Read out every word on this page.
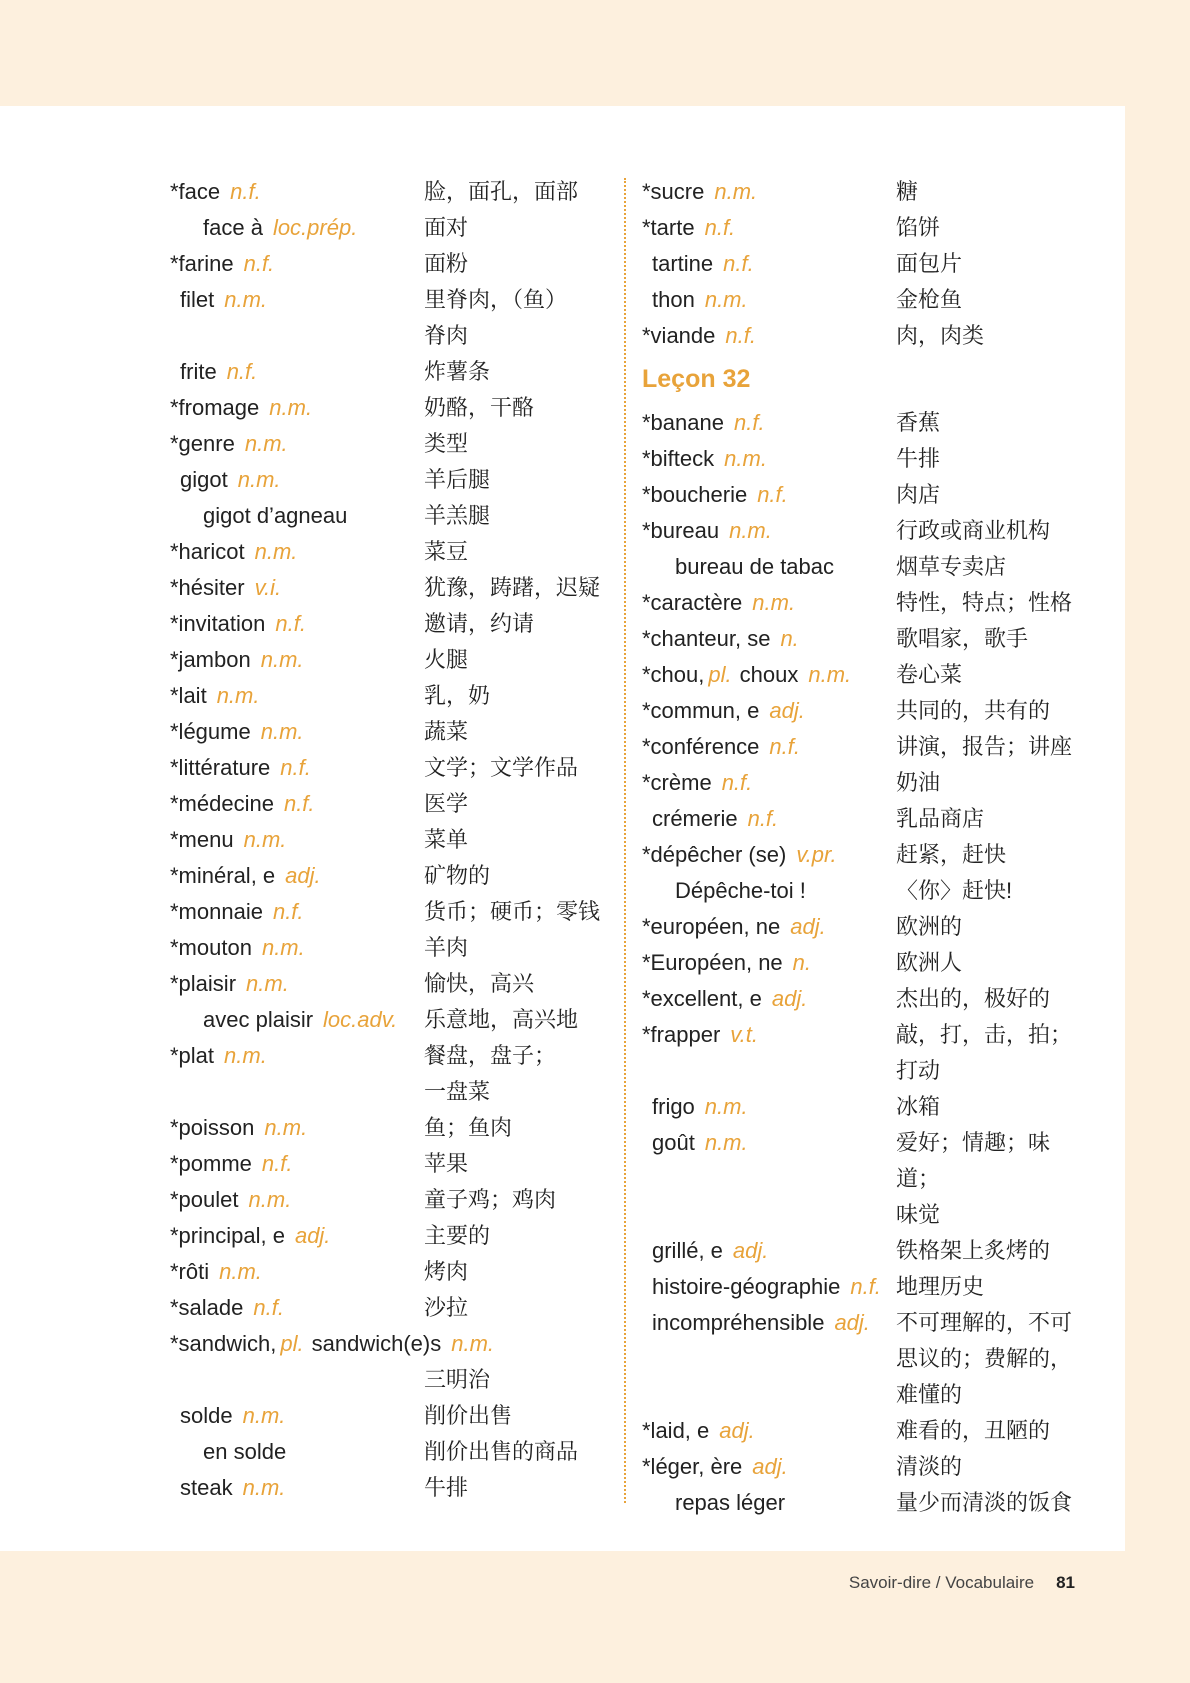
*face n.f.	脸，面孔，面部
face à loc.prép.	面对
*farine n.f.	面粉
filet n.m.	里脊肉，（鱼）
脊肉
frite n.f.	炸薯条
*fromage n.m.	奶酪，干酪
*genre n.m.	类型
gigot n.m.	羊后腿
gigot d’agneau	羊羔腿
*haricot n.m.	菜豆
*hésiter v.i.	犹豫，踌躇，迟疑
*invitation n.f.	邀请，约请
*jambon n.m.	火腿
*lait n.m.	乳，奶
*légume n.m.	蔬菜
*littérature n.f.	文学；文学作品
*médecine n.f.	医学
*menu n.m.	菜单
*minéral, e adj.	矿物的
*monnaie n.f.	货币；硬币；零钱
*mouton n.m.	羊肉
*plaisir n.m.	愉快，高兴
avec plaisir loc.adv. 乐意地，高兴地
*plat n.m.	餐盘，盘子；
一盘菜
*poisson n.m.	鱼；鱼肉
*pomme n.f.	苹果
*poulet n.m.	童子鸡；鸡肉
*principal, e adj.	主要的
*rôti n.m.	烤肉
*salade n.f.	沙拉
*sandwich, pl. sandwich(e)s n.m.

三明治
solde n.m.	削价出售
en solde	削价出售的商品
steak n.m.	牛排
*sucre n.m.	糖
*tarte n.f.	馅饼
tartine n.f.	面包片
thon n.m.	金枪鱼
*viande n.f.	肉，肉类
Leçon 32
*banane n.f.	香蕉
*bifteck n.m.	牛排
*boucherie n.f.	肉店
*bureau n.m.	行政或商业机构
bureau de tabac	烟草专卖店
*caractère n.m.	特性，特点；性格
*chanteur, se n.	歌唱家，歌手
*chou, pl. choux n.m. 卷心菜
*commun, e adj.	共同的，共有的
*conférence n.f.	讲演，报告；讲座
*crème n.f.	奶油
crémerie n.f.	乳品商店
*dépêcher (se) v.pr.	赶紧，赶快
Dépêche-toi !	〈你〉赶快!
*européen, ne adj.	欧洲的
*Européen, ne n.	欧洲人
*excellent, e adj.	杰出的，极好的
*frapper v.t.	敲，打，击，拍；
打动
frigo n.m.	冰箱
goût n.m.	爱好；情趣；味道；
味觉
grillé, e adj.	铁格架上炙烤的
histoire-géographie n.f. 地理历史
incompréhensible adj. 不可理解的，不可
思议的；费解的，
难懂的
*laid, e adj.	难看的，丑陋的
*léger, ère adj.	清淡的
repas léger	量少而清淡的饭食
Savoir-dire / Vocabulaire 81
